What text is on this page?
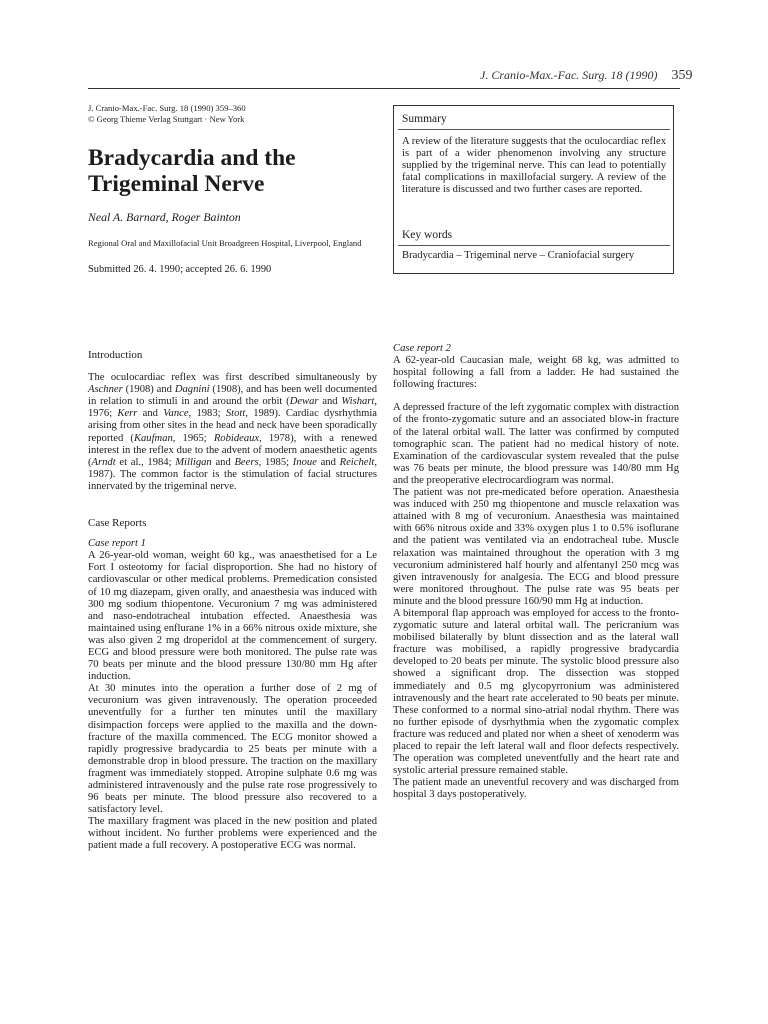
J. Cranio-Max.-Fac. Surg. 18 (1990) 359
J. Cranio-Max.-Fac. Surg. 18 (1990) 359–360
© Georg Thieme Verlag Stuttgart · New York
Bradycardia and the Trigeminal Nerve
Neal A. Barnard, Roger Bainton
Regional Oral and Maxillofacial Unit Broadgreen Hospital, Liverpool, England
Submitted 26. 4. 1990; accepted 26. 6. 1990
Summary
A review of the literature suggests that the oculocardiac reflex is part of a wider phenomenon involving any structure supplied by the trigeminal nerve. This can lead to potentially fatal complications in maxillofacial surgery. A review of the literature is discussed and two further cases are reported.
Key words
Bradycardia – Trigeminal nerve – Craniofacial surgery
Introduction

The oculocardiac reflex was first described simultaneously by Aschner (1908) and Dagnini (1908), and has been well documented in relation to stimuli in and around the orbit (Dewar and Wishart, 1976; Kerr and Vance, 1983; Stott, 1989). Cardiac dysrhythmia arising from other sites in the head and neck have been sporadically reported (Kaufman, 1965; Robideaux, 1978), with a renewed interest in the reflex due to the advent of modern anaesthetic agents (Arndt et al., 1984; Milligan and Beers, 1985; Inoue and Reichelt, 1987). The common factor is the stimulation of facial structures innervated by the trigeminal nerve.

Case Reports
Case report 1

A 26-year-old woman, weight 60 kg., was anaesthetised for a Le Fort I osteotomy for facial disproportion. She had no history of cardiovascular or other medical problems. Premedication consisted of 10 mg diazepam, given orally, and anaesthesia was induced with 300 mg sodium thiopentone. Vecuronium 7 mg was administered and naso-endotracheal intubation effected. Anaesthesia was maintained using enflurane 1% in a 66% nitrous oxide mixture, she was also given 2 mg droperidol at the commencement of surgery. ECG and blood pressure were both monitored. The pulse rate was 70 beats per minute and the blood pressure 130/80 mm Hg after induction.

At 30 minutes into the operation a further dose of 2 mg of vecuronium was given intravenously. The operation proceeded uneventfully for a further ten minutes until the maxillary disimpaction forceps were applied to the maxilla and the down-fracture of the maxilla commenced. The ECG monitor showed a rapidly progressive bradycardia to 25 beats per minute with a demonstrable drop in blood pressure. The traction on the maxillary fragment was immediately stopped. Atropine sulphate 0.6 mg was administered intravenously and the pulse rate rose progressively to 96 beats per minute. The blood pressure also recovered to a satisfactory level.

The maxillary fragment was placed in the new position and plated without incident. No further problems were experienced and the patient made a full recovery. A postoperative ECG was normal.

Case report 2

A 62-year-old Caucasian male, weight 68 kg, was admitted to hospital following a fall from a ladder. He had sustained the following fractures:

A depressed fracture of the left zygomatic complex with distraction of the fronto-zygomatic suture and an associated blow-in fracture of the lateral orbital wall. The latter was confirmed by computed tomographic scan. The patient had no medical history of note. Examination of the cardiovascular system revealed that the pulse was 76 beats per minute, the blood pressure was 140/80 mm Hg and the preoperative electrocardiogram was normal.

The patient was not pre-medicated before operation. Anaesthesia was induced with 250 mg thiopentone and muscle relaxation was attained with 8 mg of vecuronium. Anaesthesia was maintained with 66% nitrous oxide and 33% oxygen plus 1 to 0.5% isoflurane and the patient was ventilated via an endotracheal tube. Muscle relaxation was maintained throughout the operation with 3 mg vecuronium administered half hourly and alfentanyl 250 mcg was given intravenously for analgesia. The ECG and blood pressure were monitored throughout. The pulse rate was 95 beats per minute and the blood pressure 160/90 mm Hg at induction.

A bitemporal flap approach was employed for access to the fronto-zygomatic suture and lateral orbital wall. The pericranium was mobilised bilaterally by blunt dissection and as the lateral wall fracture was mobilised, a rapidly progressive bradycardia developed to 20 beats per minute. The systolic blood pressure also showed a significant drop. The dissection was stopped immediately and 0.5 mg glycopyrronium was administered intravenously and the heart rate accelerated to 90 beats per minute. These conformed to a normal sino-atrial nodal rhythm. There was no further episode of dysrhythmia when the zygomatic complex fracture was reduced and plated nor when a sheet of xenoderm was placed to repair the left lateral wall and floor defects respectively. The operation was completed uneventfully and the heart rate and systolic arterial pressure remained stable.

The patient made an uneventful recovery and was discharged from hospital 3 days postoperatively.
